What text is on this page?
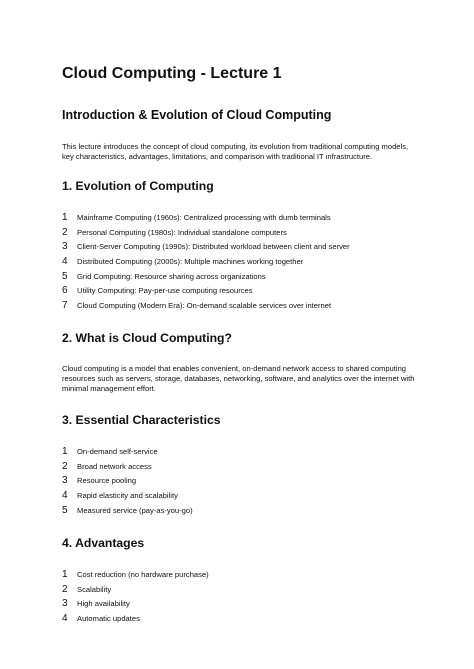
Cloud Computing - Lecture 1
Introduction & Evolution of Cloud Computing

This lecture introduces the concept of cloud computing, its evolution from traditional computing models, key characteristics, advantages, limitations, and comparison with traditional IT infrastructure.

1. Evolution of Computing
1	Mainframe Computing (1960s): Centralized processing with dumb terminals
2	Personal Computing (1980s): Individual standalone computers
3	Client-Server Computing (1990s): Distributed workload between client and server
4	Distributed Computing (2000s): Multiple machines working together
5	Grid Computing: Resource sharing across organizations
6	Utility Computing: Pay-per-use computing resources
7	Cloud Computing (Modern Era): On-demand scalable services over internet
2. What is Cloud Computing?

Cloud computing is a model that enables convenient, on-demand network access to shared computing resources such as servers, storage, databases, networking, software, and analytics over the internet with minimal management effort.

3. Essential Characteristics
1	On-demand self-service
2	Broad network access
3	Resource pooling
4	Rapid elasticity and scalability
5	Measured service (pay-as-you-go)
4. Advantages
1	Cost reduction (no hardware purchase)
2	Scalability
3	High availability
4	Automatic updates
